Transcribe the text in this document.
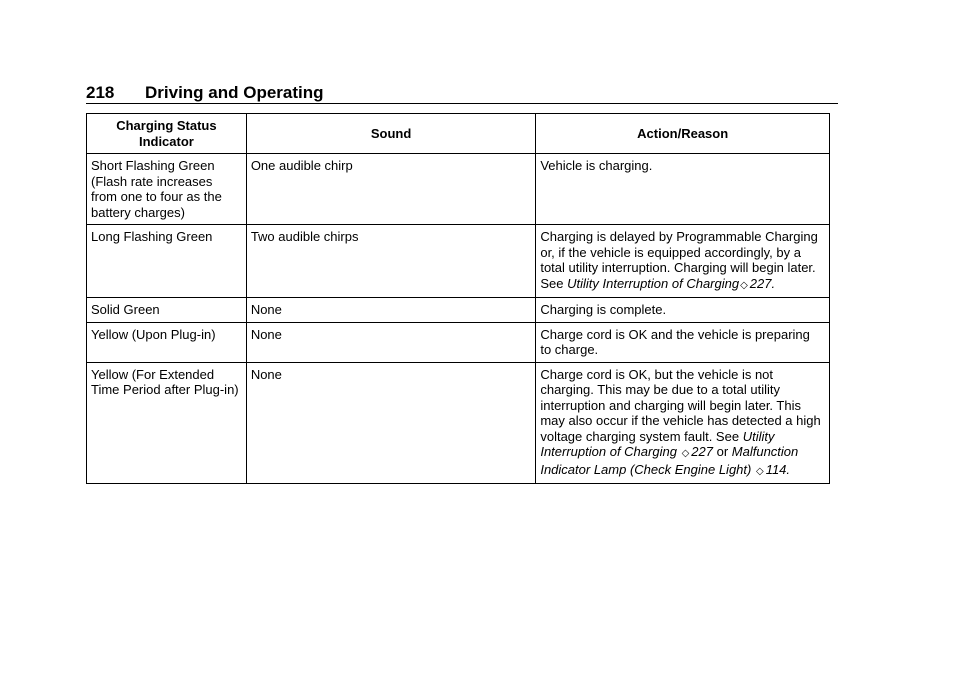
218 Driving and Operating
Charging Status Indicator	Sound	Action/Reason
Short Flashing Green (Flash rate increases from one to four as the battery charges)	One audible chirp	Vehicle is charging.
Long Flashing Green	Two audible chirps	Charging is delayed by Programmable Charging or, if the vehicle is equipped accordingly, by a total utility interruption. Charging will begin later. See Utility Interruption of Charging◇ 227.
Solid Green	None	Charging is complete.
Yellow (Upon Plug-in)	None	Charge cord is OK and the vehicle is preparing to charge.
Yellow (For Extended Time Period after Plug-in)	None	Charge cord is OK, but the vehicle is not charging. This may be due to a total utility interruption and charging will begin later. This may also occur if the vehicle has detected a high voltage charging system fault. See Utility Interruption of Charging ◇ 227 or Malfunction Indicator Lamp (Check Engine Light) ◇ 114.
